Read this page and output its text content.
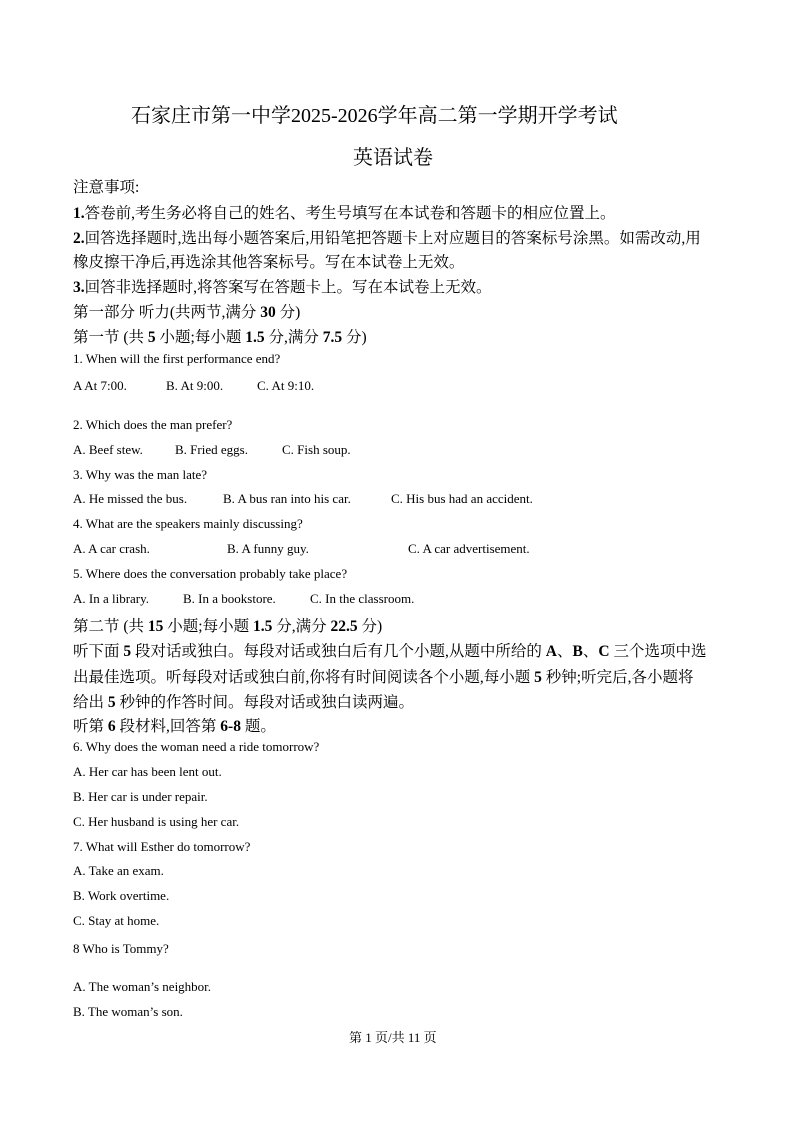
石家庄市第一中学2025-2026学年高二第一学期开学考试
英语试卷
注意事项:
1.答卷前,考生务必将自己的姓名、考生号填写在本试卷和答题卡的相应位置上。
2.回答选择题时,选出每小题答案后,用铅笔把答题卡上对应题目的答案标号涂黑。如需改动,用
橡皮擦干净后,再选涂其他答案标号。写在本试卷上无效。
3.回答非选择题时,将答案写在答题卡上。写在本试卷上无效。
第一部分 听力(共两节,满分 30 分)
第一节 (共 5 小题;每小题 1.5 分,满分 7.5 分)
1. When will the first performance end?
A At 7:00.	B. At 9:00.	C. At 9:10.
2. Which does the man prefer?
A. Beef stew. B. Fried eggs.	C. Fish soup.
3. Why was the man late?
A. He missed the bus.	B. A bus ran into his car.	C. His bus had an accident.
4. What are the speakers mainly discussing?
A. A car crash.	B. A funny guy.	C. A car advertisement.
5. Where does the conversation probably take place?
A. In a library.	B. In a bookstore.	C. In the classroom.
第二节 (共 15 小题;每小题 1.5 分,满分 22.5 分)
听下面 5 段对话或独白。每段对话或独白后有几个小题,从题中所给的 A、B、C 三个选项中选
出最佳选项。听每段对话或独白前,你将有时间阅读各个小题,每小题 5 秒钟;听完后,各小题将
给出 5 秒钟的作答时间。每段对话或独白读两遍。
听第 6 段材料,回答第 6-8 题。
6. Why does the woman need a ride tomorrow?
A. Her car has been lent out.
B. Her car is under repair.
C. Her husband is using her car.
7. What will Esther do tomorrow?
A. Take an exam.
B. Work overtime.
C. Stay at home.
8 Who is Tommy?
A. The woman’s neighbor.
B. The woman’s son.
第 1 页/共 11 页
